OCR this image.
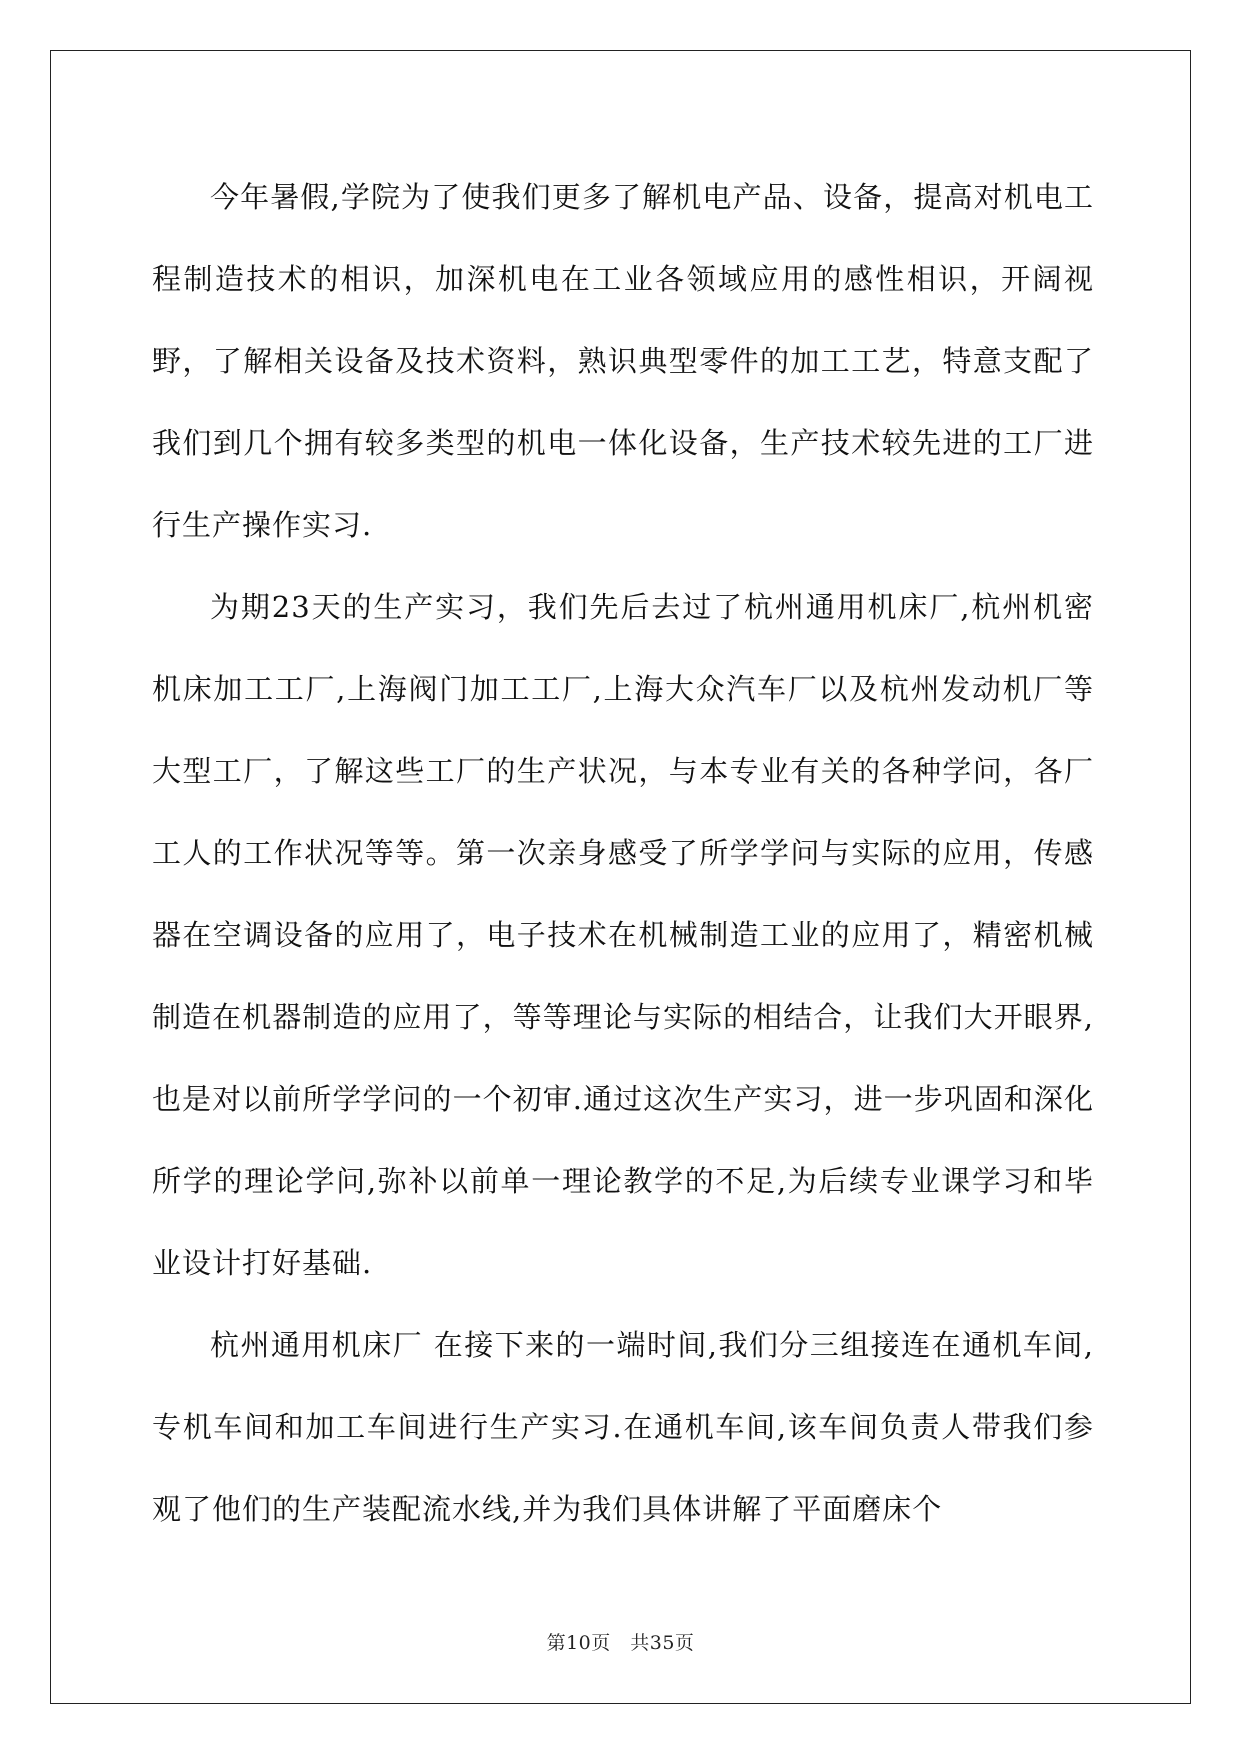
今年暑假,学院为了使我们更多了解机电产品、设备，提高对机电工程制造技术的相识，加深机电在工业各领域应用的感性相识，开阔视野，了解相关设备及技术资料，熟识典型零件的加工工艺，特意支配了我们到几个拥有较多类型的机电一体化设备，生产技术较先进的工厂进行生产操作实习.

为期23天的生产实习，我们先后去过了杭州通用机床厂,杭州机密机床加工工厂,上海阀门加工工厂,上海大众汽车厂以及杭州发动机厂等大型工厂，了解这些工厂的生产状况，与本专业有关的各种学问，各厂工人的工作状况等等。第一次亲身感受了所学学问与实际的应用，传感器在空调设备的应用了，电子技术在机械制造工业的应用了，精密机械制造在机器制造的应用了，等等理论与实际的相结合，让我们大开眼界,也是对以前所学学问的一个初审.通过这次生产实习，进一步巩固和深化所学的理论学问,弥补以前单一理论教学的不足,为后续专业课学习和毕业设计打好基础.

杭州通用机床厂 在接下来的一端时间,我们分三组接连在通机车间,专机车间和加工车间进行生产实习.在通机车间,该车间负责人带我们参观了他们的生产装配流水线,并为我们具体讲解了平面磨床个

第10页　共35页
